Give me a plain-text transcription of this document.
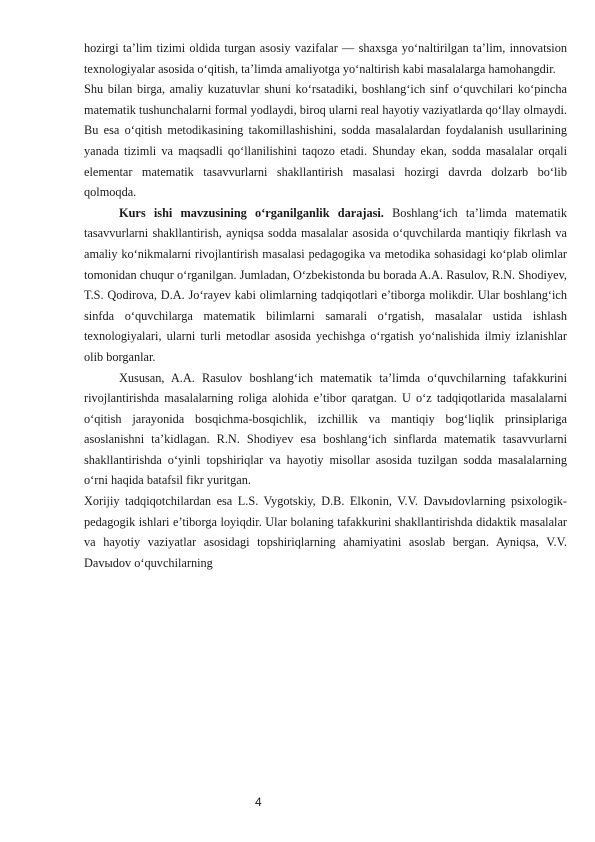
hozirgi ta’lim tizimi oldida turgan asosiy vazifalar — shaxsga yo‘naltirilgan ta’lim, innovatsion texnologiyalar asosida o‘qitish, ta’limda amaliyotga yo‘naltirish kabi masalalarga hamohangdir.

Shu bilan birga, amaliy kuzatuvlar shuni ko‘rsatadiki, boshlang‘ich sinf o‘quvchilari ko‘pincha matematik tushunchalarni formal yodlaydi, biroq ularni real hayotiy vaziyatlarda qo‘llay olmaydi. Bu esa o‘qitish metodikasining takomillashishini, sodda masalalardan foydalanish usullarining yanada tizimli va maqsadli qo‘llanilishini taqozo etadi. Shunday ekan, sodda masalalar orqali elementar matematik tasavvurlarni shakllantirish masalasi hozirgi davrda dolzarb bo‘lib qolmoqda.

Kurs ishi mavzusining o‘rganilganlik darajasi. Boshlang‘ich ta’limda matematik tasavvurlarni shakllantirish, ayniqsa sodda masalalar asosida o‘quvchilarda mantiqiy fikrlash va amaliy ko‘nikmalarni rivojlantirish masalasi pedagogika va metodika sohasidagi ko‘plab olimlar tomonidan chuqur o‘rganilgan. Jumladan, O‘zbekistonda bu borada A.A. Rasulov, R.N. Shodiyev, T.S. Qodirova, D.A. Jo‘rayev kabi olimlarning tadqiqotlari e’tiborga molikdir. Ular boshlang‘ich sinfda o‘quvchilarga matematik bilimlarni samarali o‘rgatish, masalalar ustida ishlash texnologiyalari, ularni turli metodlar asosida yechishga o‘rgatish yo‘nalishida ilmiy izlanishlar olib borganlar.

Xususan, A.A. Rasulov boshlang‘ich matematik ta’limda o‘quvchilarning tafakkurini rivojlantirishda masalalarning roliga alohida e’tibor qaratgan. U o‘z tadqiqotlarida masalalarni o‘qitish jarayonida bosqichma-bosqichlik, izchillik va mantiqiy bog‘liqlik prinsiplariga asoslanishni ta’kidlagan. R.N. Shodiyev esa boshlang‘ich sinflarda matematik tasavvurlarni shakllantirishda o‘yinli topshiriqlar va hayotiy misollar asosida tuzilgan sodda masalalarning o‘rni haqida batafsil fikr yuritgan.

Xorijiy tadqiqotchilardan esa L.S. Vygotskiy, D.B. Elkonin, V.V. Davыdovlarning psixologik-pedagogik ishlari e’tiborga loyiqdir. Ular bolaning tafakkurini shakllantirishda didaktik masalalar va hayotiy vaziyatlar asosidagi topshiriqlarning ahamiyatini asoslab bergan. Ayniqsa, V.V. Davыdov o‘quvchilarning

4
